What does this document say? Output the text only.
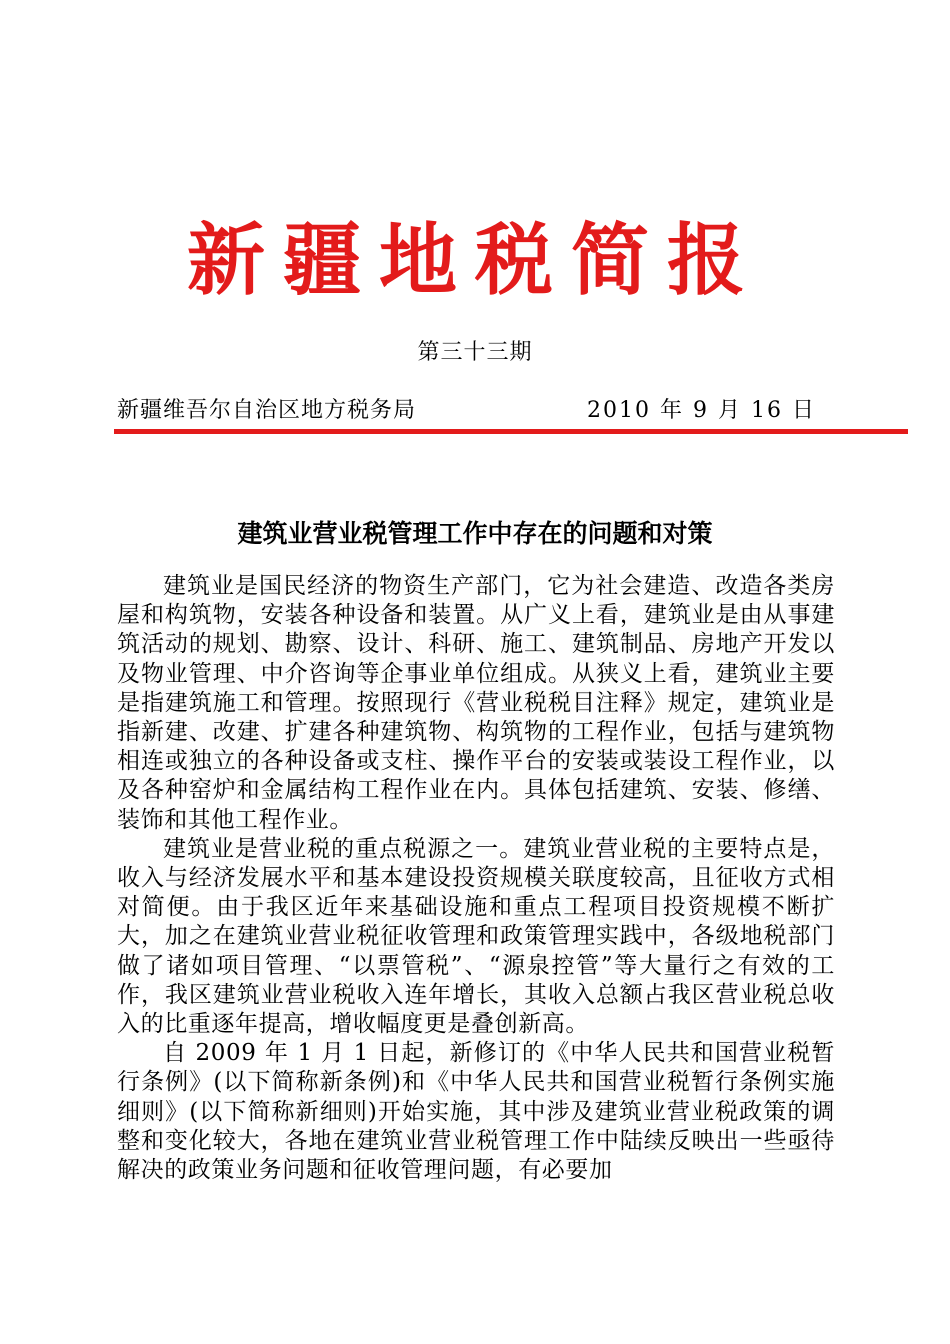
新疆地税简报
第三十三期
新疆维吾尔自治区地方税务局	2010 年 9 月 16 日
建筑业营业税管理工作中存在的问题和对策

建筑业是国民经济的物资生产部门，它为社会建造、改造各类房屋和构筑物，安装各种设备和装置。从广义上看，建筑业是由从事建筑活动的规划、勘察、设计、科研、施工、建筑制品、房地产开发以及物业管理、中介咨询等企事业单位组成。从狭义上看，建筑业主要是指建筑施工和管理。按照现行《营业税税目注释》规定，建筑业是指新建、改建、扩建各种建筑物、构筑物的工程作业，包括与建筑物相连或独立的各种设备或支柱、操作平台的安装或装设工程作业，以及各种窑炉和金属结构工程作业在内。具体包括建筑、安装、修缮、装饰和其他工程作业。

建筑业是营业税的重点税源之一。建筑业营业税的主要特点是，收入与经济发展水平和基本建设投资规模关联度较高，且征收方式相对简便。由于我区近年来基础设施和重点工程项目投资规模不断扩大，加之在建筑业营业税征收管理和政策管理实践中，各级地税部门做了诸如项目管理、“以票管税”、“源泉控管”等大量行之有效的工作，我区建筑业营业税收入连年增长，其收入总额占我区营业税总收入的比重逐年提高，增收幅度更是叠创新高。

自 2009 年 1 月 1 日起，新修订的《中华人民共和国营业税暂行条例》(以下简称新条例)和《中华人民共和国营业税暂行条例实施细则》(以下简称新细则)开始实施，其中涉及建筑业营业税政策的调整和变化较大，各地在建筑业营业税管理工作中陆续反映出一些亟待解决的政策业务问题和征收管理问题，有必要加
